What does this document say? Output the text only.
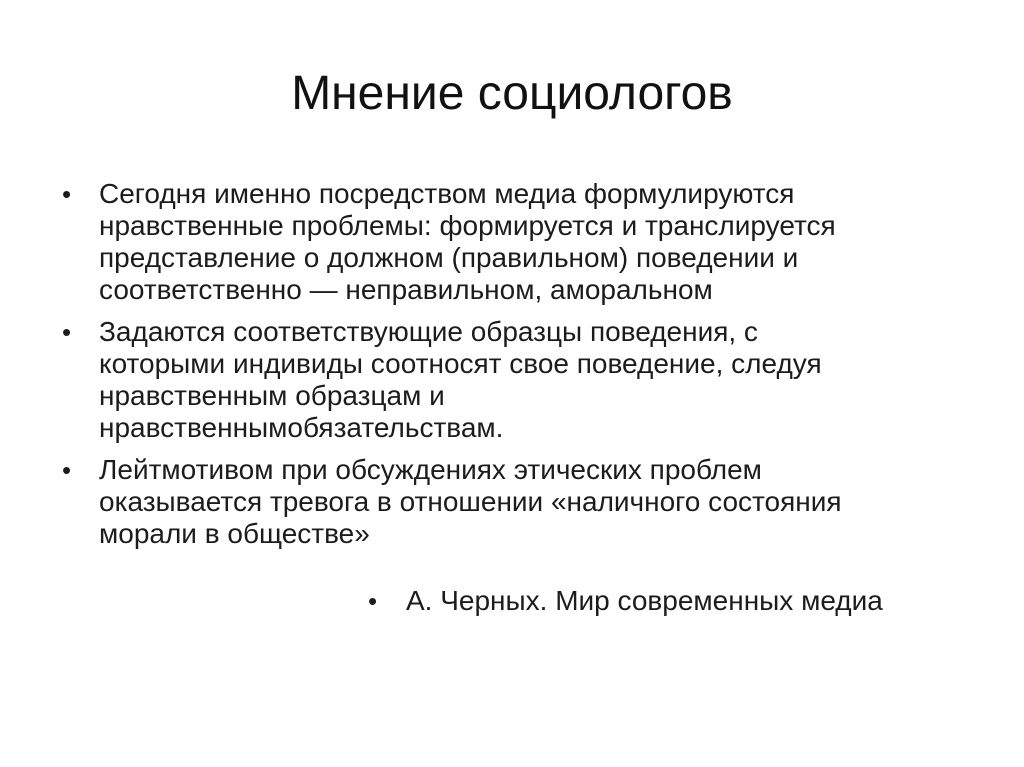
Мнение социологов
• Сегодня именно посредством медиа формулируются
нравственные проблемы: формируется и транслируется
представление о должном (правильном) поведении и
соответственно — неправильном, аморальном
• Задаются соответствующие образцы поведения, с
которыми индивиды соотносят свое поведение, следуя
нравственным образцам и
нравственнымобязательствам.
• Лейтмотивом при обсуждениях этических проблем
оказывается тревога в отношении «наличного состояния
морали в обществе»
• А. Черных. Мир современных медиа
